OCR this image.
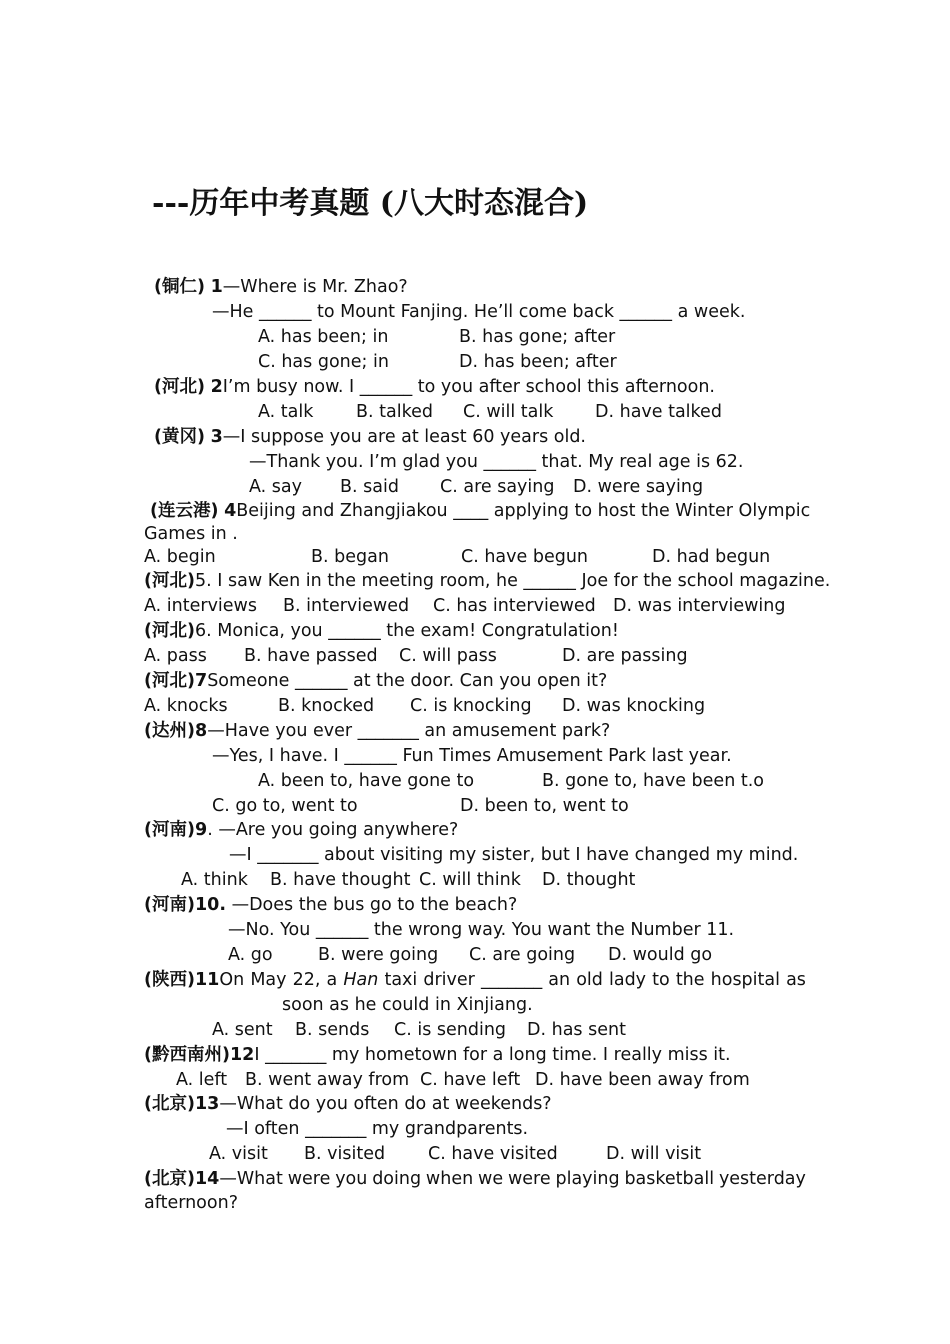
---历年中考真题 (八大时态混合)
(铜仁) 1—Where is Mr. Zhao?
—He ______ to Mount Fanjing. He’ll come back ______ a week.
A. has been; in	B. has gone; after
C. has gone; in	D. has been; after
(河北) 2I’m busy now. I ______ to you after school this afternoon.
A. talk B. talked C. will talk D. have talked
(黄冈) 3—I suppose you are at least 60 years old.
—Thank you. I’m glad you ______ that. My real age is 62.
A. say B. said C. are saying D. were saying
(连云港) 4Beijing and Zhangjiakou ____ applying to host the Winter Olympic
Games in .
A. begin	B. began	C. have begun	D. had begun
(河北)5. I saw Ken in the meeting room, he ______ Joe for the school magazine.
A. interviews B. interviewed C. has interviewed D. was interviewing
(河北)6. Monica, you ______ the exam! Congratulation!
A. pass B. have passed C. will pass	D. are passing
(河北)7Someone ______ at the door. Can you open it?
A. knocks	B. knocked C. is knocking D. was knocking
(达州)8—Have you ever _______ an amusement park?
—Yes, I have. I ______ Fun Times Amusement Park last year.
A. been to, have gone to	B. gone to, have been t.o
C. go to, went to	D. been to, went to
(河南)9. —Are you going anywhere?
—I _______ about visiting my sister, but I have changed my mind.
A. think B. have thought C. will think D. thought
(河南)10. —Does the bus go to the beach?
—No. You ______ the wrong way. You want the Number 11.
A. go	B. were going C. are going D. would go
(陕西)11On May 22, a Han taxi driver _______ an old lady to the hospital as
soon as he could in Xinjiang.
A. sent B. sends C. is sending D. has sent
(黔西南州)12I _______ my hometown for a long time. I really miss it.
A. left B. went away from C. have left D. have been away from
(北京)13—What do you often do at weekends?
—I often _______ my grandparents.
A. visit B. visited C. have visited	D. will visit
(北京)14—What were you doing when we were playing basketball yesterday
afternoon?
